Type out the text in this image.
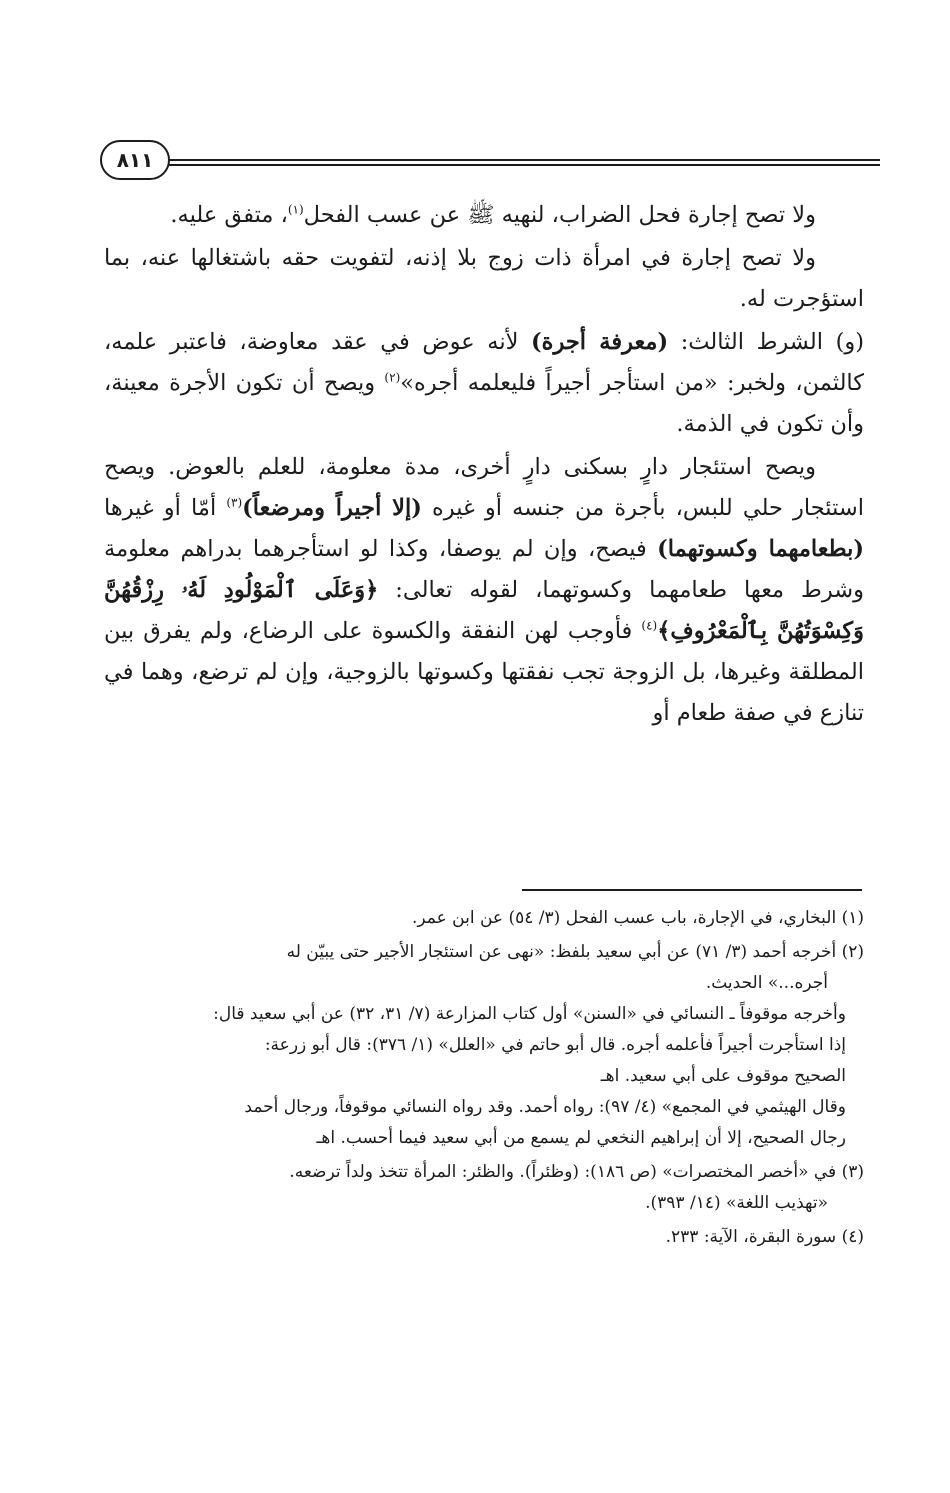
٨١١

ولا تصح إجارة فحل الضراب، لنهيه ﷺ عن عسب الفحل$^{(١)}$، متفق عليه.

ولا تصح إجارة في امرأة ذات زوج بلا إذنه، لتفويت حقه باشتغالها عنه، بما استؤجرت له.

(و) الشرط الثالث: (معرفة أجرة) لأنه عوض في عقد معاوضة، فاعتبر علمه، كالثمن، ولخبر: «من استأجر أجيراً فليعلمه أجره»$^{(٢)}$ ويصح أن تكون الأجرة معينة، وأن تكون في الذمة.

ويصح استئجار دارٍ بسكنى دارٍ أخرى، مدة معلومة، للعلم بالعوض. ويصح استئجار حلي للبس، بأجرة من جنسه أو غيره (إلا أجيراً ومرضعاً)$^{(٣)}$ أمّا أو غيرها (بطعامهما وكسوتهما) فيصح، وإن لم يوصفا، وكذا لو استأجرهما بدراهم معلومة وشرط معها طعامهما وكسوتهما، لقوله تعالى: ﴿وَعَلَى ٱلْمَوْلُودِ لَهُۥ رِزْقُهُنَّ وَكِسْوَتُهُنَّ بِٱلْمَعْرُوفِ﴾$^{(٤)}$ فأوجب لهن النفقة والكسوة على الرضاع، ولم يفرق بين المطلقة وغيرها، بل الزوجة تجب نفقتها وكسوتها بالزوجية، وإن لم ترضع، وهما في تنازع في صفة طعام أو

(١) البخاري، في الإجارة، باب عسب الفحل (٣/ ٥٤) عن ابن عمر.

(٢) أخرجه أحمد (٣/ ٧١) عن أبي سعيد بلفظ: «نهى عن استئجار الأجير حتى يبيّن له
أجره...» الحديث.
وأخرجه موقوفاً ـ النسائي في «السنن» أول كتاب المزارعة (٧/ ٣١، ٣٢) عن أبي سعيد قال:
إذا استأجرت أجيراً فأعلمه أجره. قال أبو حاتم في «العلل» (١/ ٣٧٦): قال أبو زرعة:
الصحيح موقوف على أبي سعيد. اهـ
وقال الهيثمي في المجمع» (٤/ ٩٧): رواه أحمد. وقد رواه النسائي موقوفاً، ورجال أحمد
رجال الصحيح، إلا أن إبراهيم النخعي لم يسمع من أبي سعيد فيما أحسب. اهـ

(٣) في «أخصر المختصرات» (ص ١٨٦): (وظئراً). والظئر: المرأة تتخذ ولداً ترضعه.
«تهذيب اللغة» (١٤/ ٣٩٣).

(٤) سورة البقرة، الآية: ٢٣٣.
